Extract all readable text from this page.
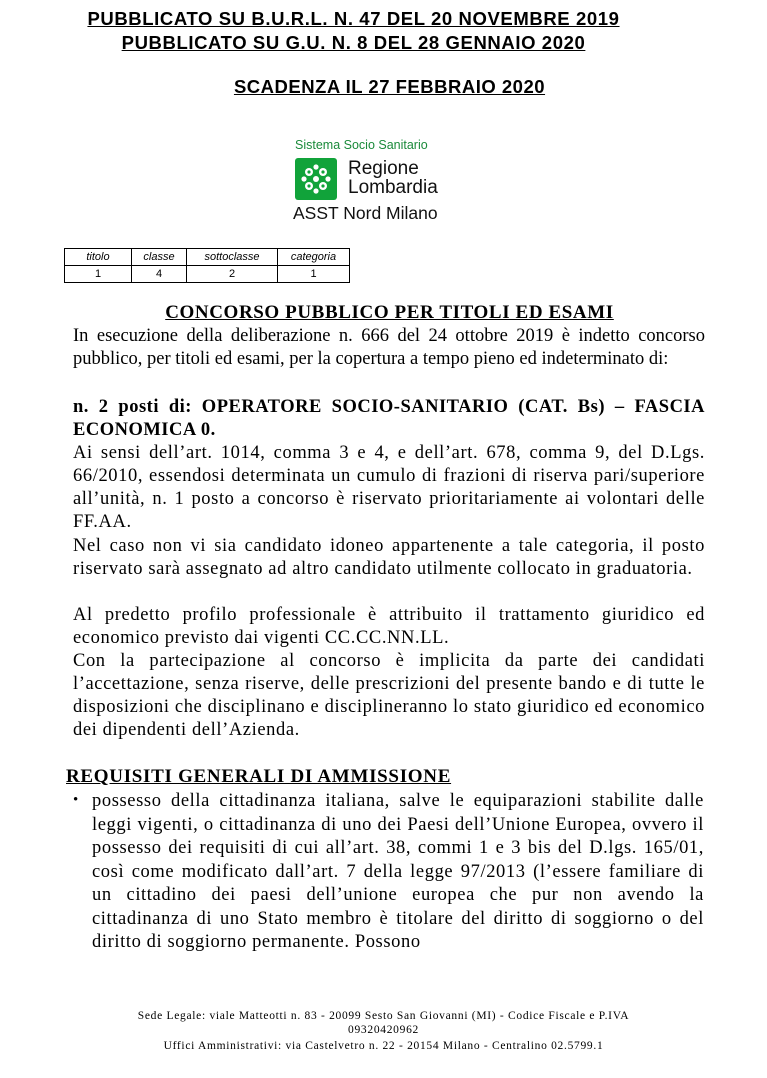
PUBBLICATO SU B.U.R.L. N. 47 DEL 20 NOVEMBRE 2019
PUBBLICATO SU G.U. N. 8 DEL 28 GENNAIO 2020
SCADENZA IL 27 FEBBRAIO 2020
Sistema Socio Sanitario
Regione
Lombardia
ASST Nord Milano
titolo	classe	sottoclasse	categoria
1	4	2	1
CONCORSO PUBBLICO PER TITOLI ED ESAMI
In esecuzione della deliberazione n. 666 del 24 ottobre 2019 è indetto concorso pubblico, per titoli ed esami, per la copertura a tempo pieno ed indeterminato di:
n. 2 posti di: OPERATORE SOCIO-SANITARIO (CAT. Bs) – FASCIA ECONOMICA 0.
Ai sensi dell’art. 1014, comma 3 e 4, e dell’art. 678, comma 9, del D.Lgs. 66/2010, essendosi determinata un cumulo di frazioni di riserva pari/superiore all’unità, n. 1 posto a concorso è riservato prioritariamente ai volontari delle FF.AA.
Nel caso non vi sia candidato idoneo appartenente a tale categoria, il posto riservato sarà assegnato ad altro candidato utilmente collocato in graduatoria.
Al predetto profilo professionale è attribuito il trattamento giuridico ed economico previsto dai vigenti CC.CC.NN.LL.
Con la partecipazione al concorso è implicita da parte dei candidati l’accettazione, senza riserve, delle prescrizioni del presente bando e di tutte le disposizioni che disciplinano e disciplineranno lo stato giuridico ed economico dei dipendenti dell’Azienda.
REQUISITI GENERALI DI AMMISSIONE
• possesso della cittadinanza italiana, salve le equiparazioni stabilite dalle leggi vigenti, o cittadinanza di uno dei Paesi dell’Unione Europea, ovvero il possesso dei requisiti di cui all’art. 38, commi 1 e 3 bis del D.lgs. 165/01, così come modificato dall’art. 7 della legge 97/2013 (l’essere familiare di un cittadino dei paesi dell’unione europea che pur non avendo la cittadinanza di uno Stato membro è titolare del diritto di soggiorno o del diritto di soggiorno permanente. Possono
Sede Legale: viale Matteotti n. 83 - 20099 Sesto San Giovanni (MI) - Codice Fiscale e P.IVA
09320420962
Uffici Amministrativi: via Castelvetro n. 22 - 20154 Milano - Centralino 02.5799.1
